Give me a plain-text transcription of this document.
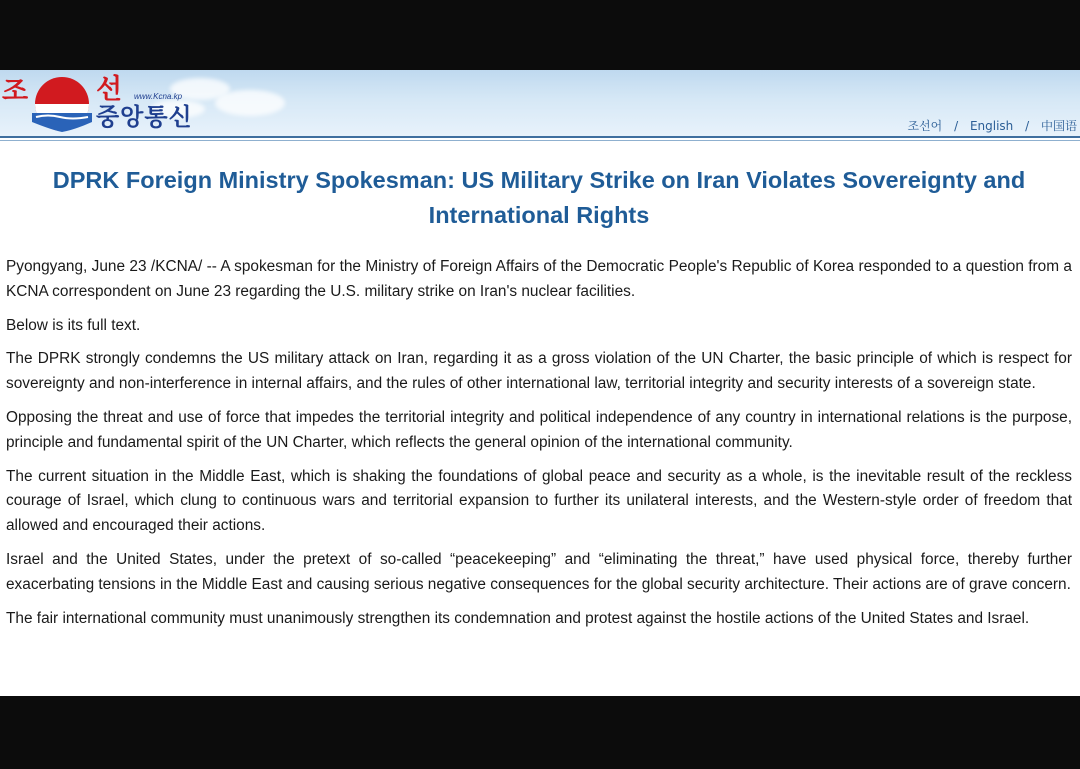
조	선 www.Kcna.kp
중앙통신	조선어 / English / 中国语
DPRK Foreign Ministry Spokesman: US Military Strike on Iran Violates Sovereignty and International Rights

Pyongyang, June 23 /KCNA/ -- A spokesman for the Ministry of Foreign Affairs of the Democratic People's Republic of Korea responded to a question from a KCNA correspondent on June 23 regarding the U.S. military strike on Iran's nuclear facilities.

Below is its full text.

The DPRK strongly condemns the US military attack on Iran, regarding it as a gross violation of the UN Charter, the basic principle of which is respect for sovereignty and non-interference in internal affairs, and the rules of other international law, territorial integrity and security interests of a sovereign state.

Opposing the threat and use of force that impedes the territorial integrity and political independence of any country in international relations is the purpose, principle and fundamental spirit of the UN Charter, which reflects the general opinion of the international community.

The current situation in the Middle East, which is shaking the foundations of global peace and security as a whole, is the inevitable result of the reckless courage of Israel, which clung to continuous wars and territorial expansion to further its unilateral interests, and the Western-style order of freedom that allowed and encouraged their actions.

Israel and the United States, under the pretext of so-called “peacekeeping” and “eliminating the threat,” have used physical force, thereby further exacerbating tensions in the Middle East and causing serious negative consequences for the global security architecture. Their actions are of grave concern.

The fair international community must unanimously strengthen its condemnation and protest against the hostile actions of the United States and Israel.
